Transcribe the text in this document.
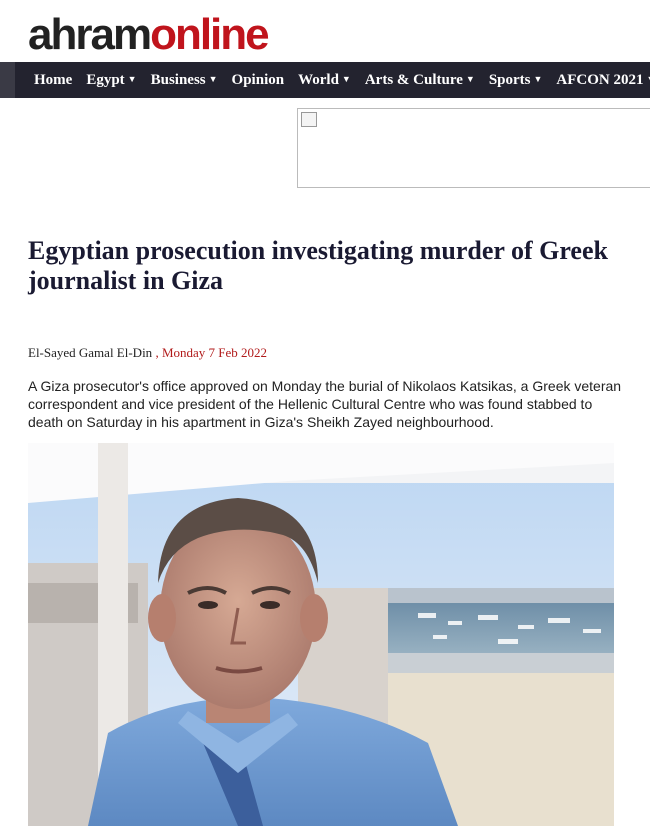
ahramonline
Home Egypt ▼ Business ▼ Opinion World ▼ Arts & Culture ▼ Sports ▼ AFCON 2021 ▼
Egyptian prosecution investigating murder of Greek journalist in Giza
El-Sayed Gamal El-Din , Monday 7 Feb 2022

A Giza prosecutor's office approved on Monday the burial of Nikolaos Katsikas, a Greek veteran correspondent and vice president of the Hellenic Cultural Centre who was found stabbed to death on Saturday in his apartment in Giza's Sheikh Zayed neighbourhood.
